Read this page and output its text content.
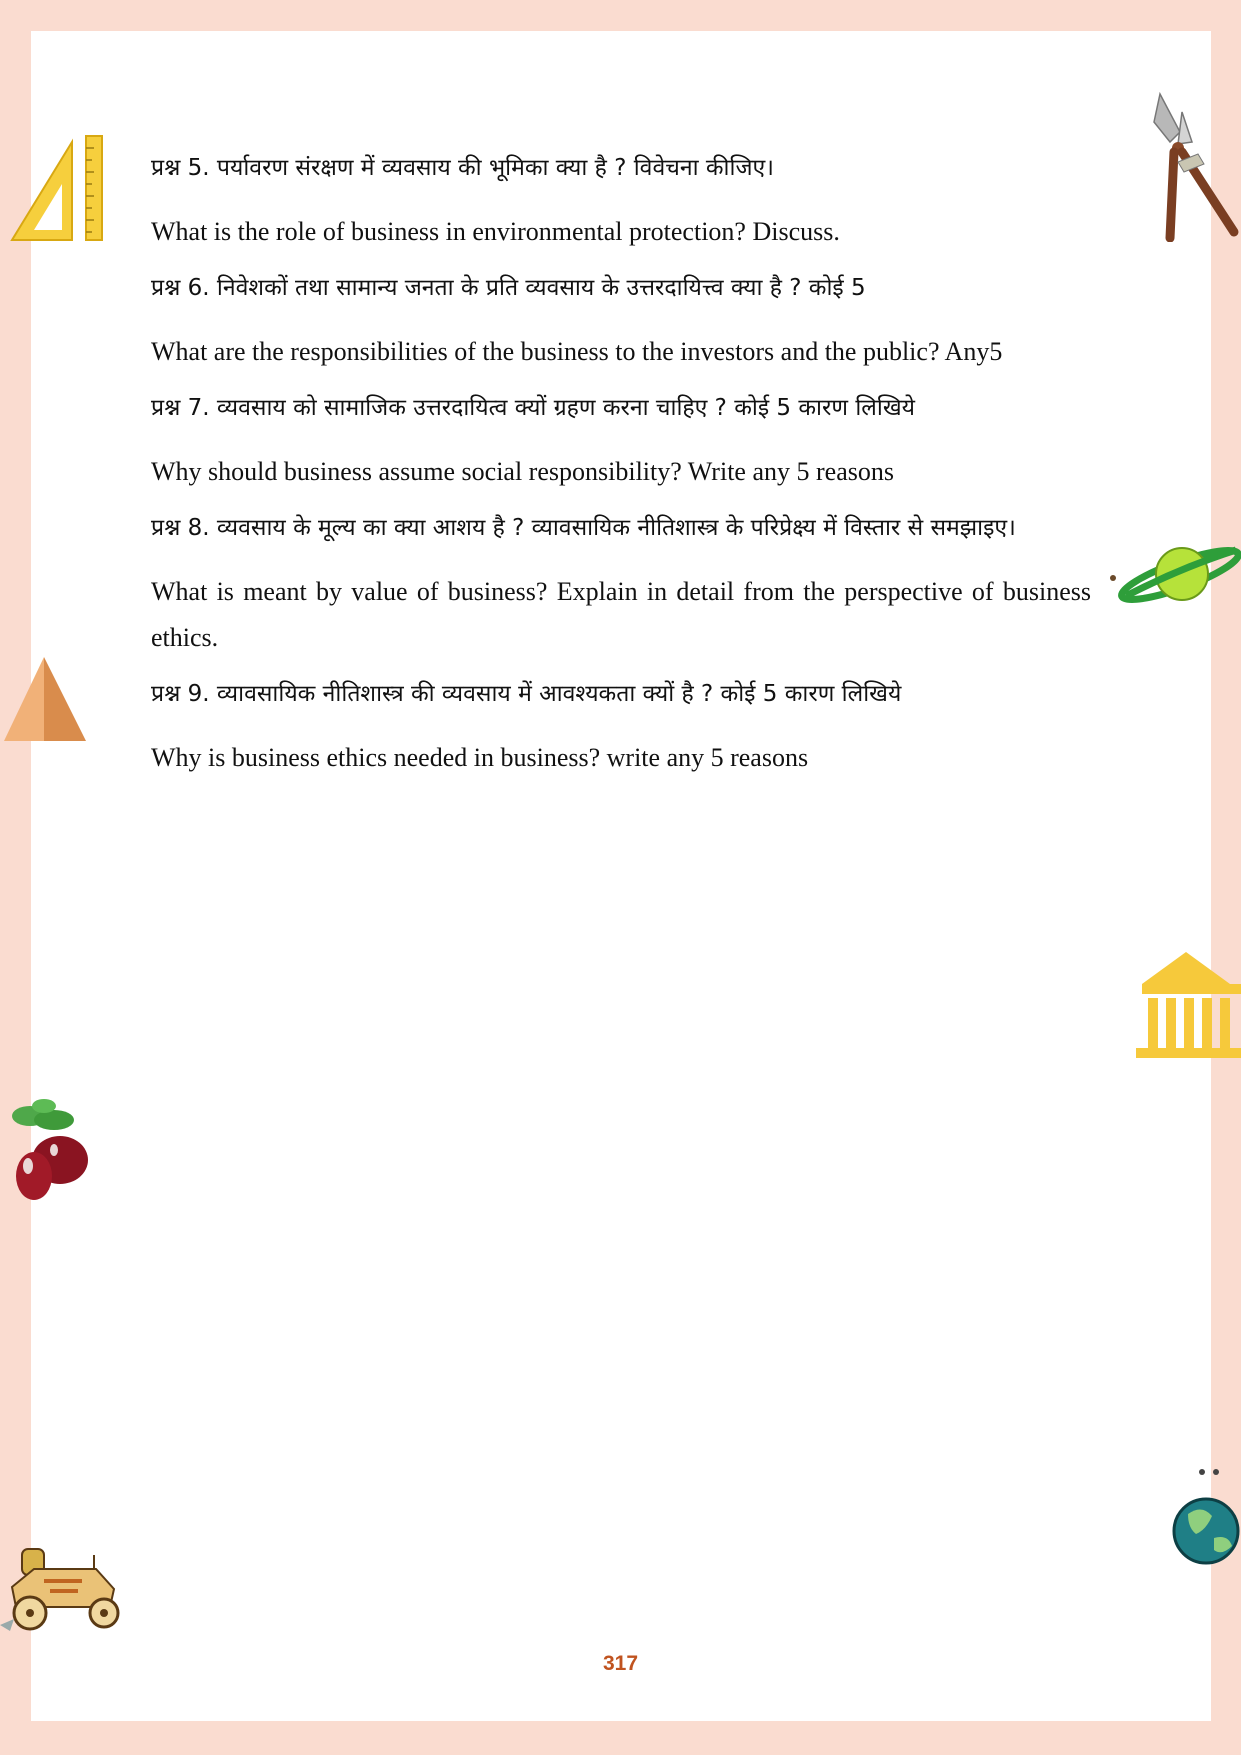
प्रश्न 5. पर्यावरण संरक्षण में व्यवसाय की भूमिका क्या है ? विवेचना कीजिए।

What is the role of business in environmental protection? Discuss.

प्रश्न 6. निवेशकों तथा सामान्य जनता के प्रति व्यवसाय के उत्तरदायित्त्व क्या है ? कोई 5

What are the responsibilities of the business to the investors and the public? Any5

प्रश्न 7. व्यवसाय को सामाजिक उत्तरदायित्व क्यों ग्रहण करना चाहिए ? कोई 5 कारण लिखिये

Why should business assume social responsibility? Write any 5 reasons

प्रश्न 8. व्यवसाय के मूल्य का क्या आशय है ? व्यावसायिक नीतिशास्त्र के परिप्रेक्ष्य में विस्तार से समझाइए।

What is meant by value of business? Explain in detail from the perspective of business ethics.

प्रश्न 9. व्यावसायिक नीतिशास्त्र की व्यवसाय में आवश्यकता क्यों है ? कोई 5 कारण लिखिये

Why is business ethics needed in business? write any 5 reasons

317
